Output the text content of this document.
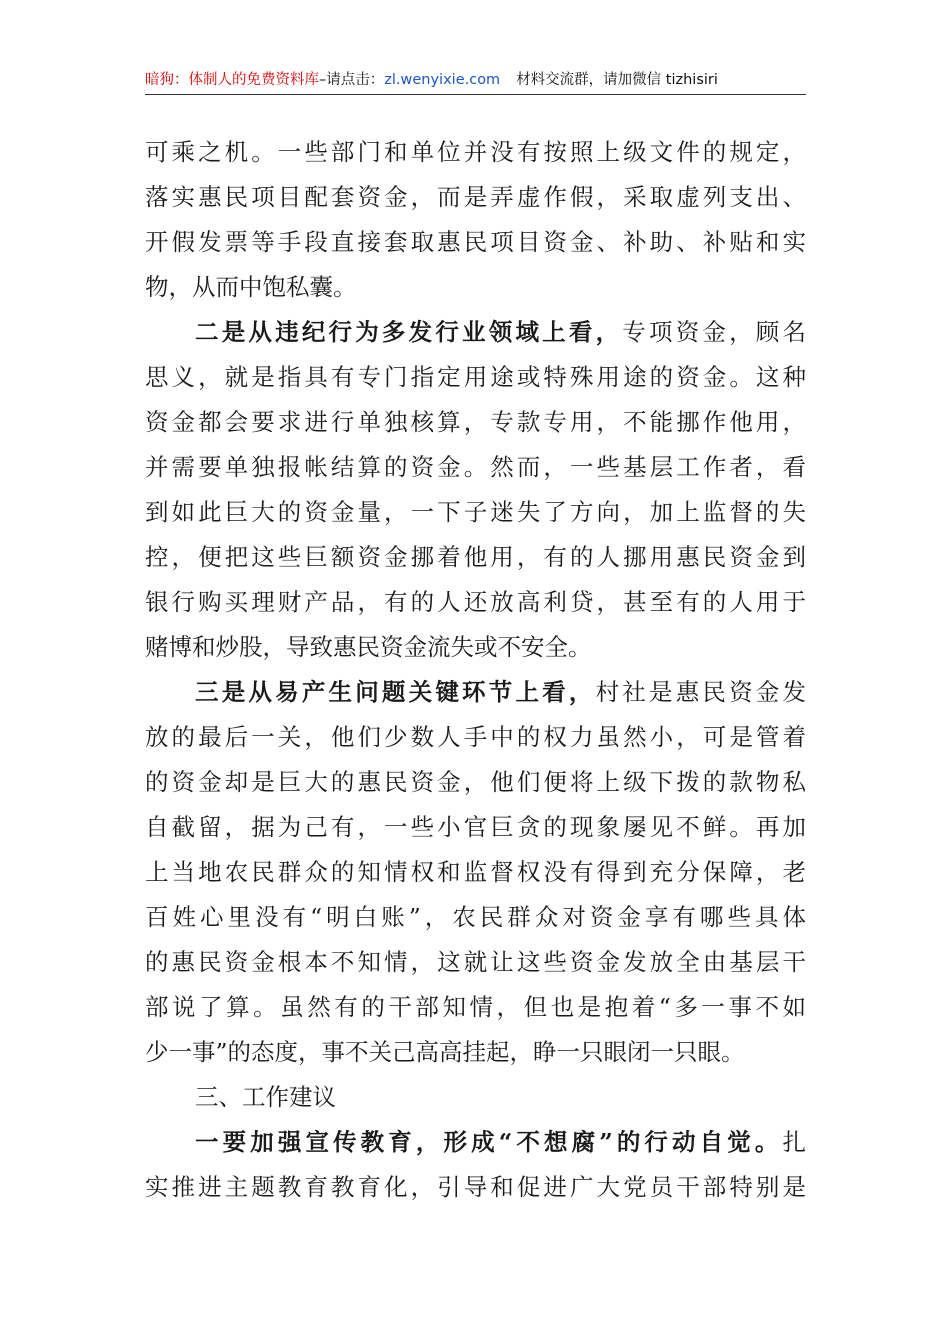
暗狗：体制人的免费资料库–请点击：zl.wenyixie.com 材料交流群，请加微信 tizhisiri
可乘之机。一些部门和单位并没有按照上级文件的规定，
落实惠民项目配套资金，而是弄虚作假，采取虚列支出、
开假发票等手段直接套取惠民项目资金、补助、补贴和实
物，从而中饱私囊。
二是从违纪行为多发行业领域上看，专项资金，顾名
思义，就是指具有专门指定用途或特殊用途的资金。这种
资金都会要求进行单独核算，专款专用，不能挪作他用，
并需要单独报帐结算的资金。然而，一些基层工作者，看
到如此巨大的资金量，一下子迷失了方向，加上监督的失
控，便把这些巨额资金挪着他用，有的人挪用惠民资金到
银行购买理财产品，有的人还放高利贷，甚至有的人用于
赌博和炒股，导致惠民资金流失或不安全。
三是从易产生问题关键环节上看，村社是惠民资金发
放的最后一关，他们少数人手中的权力虽然小，可是管着
的资金却是巨大的惠民资金，他们便将上级下拨的款物私
自截留，据为己有，一些小官巨贪的现象屡见不鲜。再加
上当地农民群众的知情权和监督权没有得到充分保障，老
百姓心里没有“明白账”，农民群众对资金享有哪些具体
的惠民资金根本不知情，这就让这些资金发放全由基层干
部说了算。虽然有的干部知情，但也是抱着“多一事不如
少一事”的态度，事不关己高高挂起，睁一只眼闭一只眼。
三、工作建议
一要加强宣传教育，形成“不想腐”的行动自觉。扎
实推进主题教育教育化，引导和促进广大党员干部特别是
